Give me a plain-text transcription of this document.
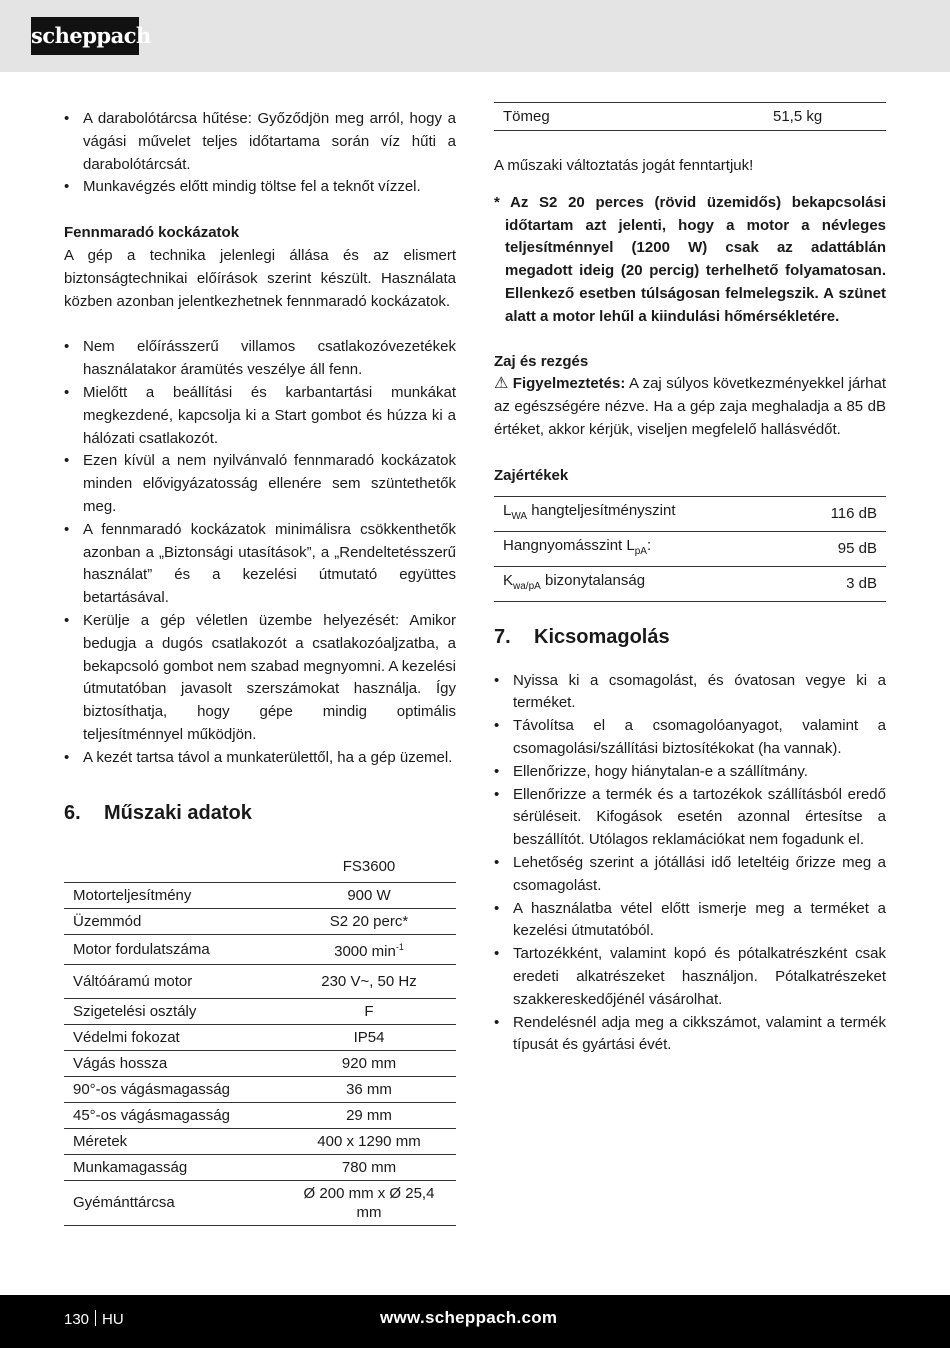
scheppach
• A darabolótárcsa hűtése: Győződjön meg arról, hogy a vágási művelet teljes időtartama során víz hűti a darabolótárcsát.
• Munkavégzés előtt mindig töltse fel a teknőt vízzel.
Fennmaradó kockázatok

A gép a technika jelenlegi állása és az elismert biztonságtechnikai előírások szerint készült. Használata közben azonban jelentkezhetnek fennmaradó kockázatok.

• Nem előírásszerű villamos csatlakozóvezetékek használatakor áramütés veszélye áll fenn.
• Mielőtt a beállítási és karbantartási munkákat megkezdené, kapcsolja ki a Start gombot és húzza ki a hálózati csatlakozót.
• Ezen kívül a nem nyilvánvaló fennmaradó kockázatok minden elővigyázatosság ellenére sem szüntethetők meg.
• A fennmaradó kockázatok minimálisra csökkenthetők azonban a „Biztonsági utasítások”, a „Rendeltetésszerű használat” és a kezelési útmutató együttes betartásával.
• Kerülje a gép véletlen üzembe helyezését: Amikor bedugja a dugós csatlakozót a csatlakozóaljzatba, a bekapcsoló gombot nem szabad megnyomni. A kezelési útmutatóban javasolt szerszámokat használja. Így biztosíthatja, hogy gépe mindig optimális teljesítménnyel működjön.
• A kezét tartsa távol a munkaterülettől, ha a gép üzemel.
6.	Műszaki adatok
	FS3600
Motorteljesítmény	900 W
Üzemmód	S2 20 perc*
Motor fordulatszáma	3000 $\min^{-1}$
Váltóáramú motor	230 V~, 50 Hz
Szigetelési osztály	F
Védelmi fokozat	IP54
Vágás hossza	920 mm
90°-os vágásmagasság	36 mm
45°-os vágásmagasság	29 mm
Méretek	400 x 1290 mm
Munkamagasság	780 mm
Gyémánttárcsa	Ø 200 mm x Ø 25,4 mm
Tömeg	51,5 kg

A műszaki változtatás jogát fenntartjuk!

* Az S2 20 perces (rövid üzemidős) bekapcsolási időtartam azt jelenti, hogy a motor a névleges teljesítménnyel (1200 W) csak az adattáblán megadott ideig (20 percig) terhelhető folyamatosan. Ellenkező esetben túlságosan felmelegszik. A szünet alatt a motor lehűl a kiindulási hőmérsékletére.

Zaj és rezgés

⚠ Figyelmeztetés: A zaj súlyos következményekkel járhat az egészségére nézve. Ha a gép zaja meghaladja a 85 dB értéket, akkor kérjük, viseljen megfelelő hallásvédőt.

Zajértékek
$L_{WA}$ hangteljesítményszint	116 dB
Hangnyomásszint $L_{pA}$:	95 dB
$K_{wa/pA}$ bizonytalanság	3 dB
7.	Kicsomagolás
• Nyissa ki a csomagolást, és óvatosan vegye ki a terméket.
• Távolítsa el a csomagolóanyagot, valamint a csomagolási/szállítási biztosítékokat (ha vannak).
• Ellenőrizze, hogy hiánytalan-e a szállítmány.
• Ellenőrizze a termék és a tartozékok szállításból eredő sérüléseit. Kifogások esetén azonnal értesítse a beszállítót. Utólagos reklamációkat nem fogadunk el.
• Lehetőség szerint a jótállási idő leteltéig őrizze meg a csomagolást.
• A használatba vétel előtt ismerje meg a terméket a kezelési útmutatóból.
• Tartozékként, valamint kopó és pótalkatrészként csak eredeti alkatrészeket használjon. Pótalkatrészeket szakkereskedőjénél vásárolhat.
• Rendelésnél adja meg a cikkszámot, valamint a termék típusát és gyártási évét.
130 HU	www.scheppach.com
